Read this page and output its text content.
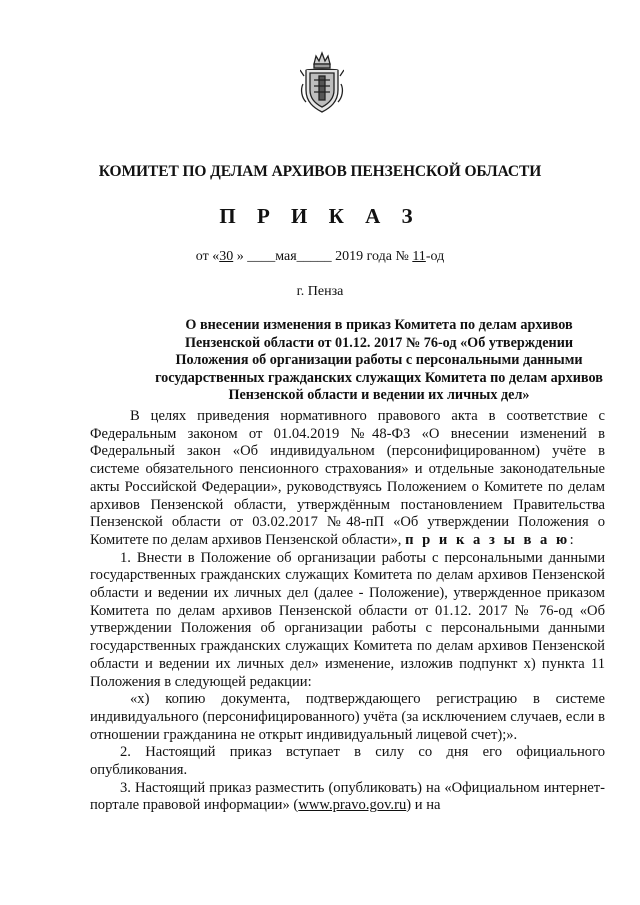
КОМИТЕТ ПО ДЕЛАМ АРХИВОВ ПЕНЗЕНСКОЙ ОБЛАСТИ
П Р И К А З
от «30 » ____мая_____ 2019 года № 11-од
г. Пенза
О внесении изменения в приказ Комитета по делам архивов Пензенской области от 01.12. 2017 № 76-од «Об утверждении Положения об организации работы с персональными данными государственных гражданских служащих Комитета по делам архивов Пензенской области и ведении их личных дел»

В целях приведения нормативного правового акта в соответствие с Федеральным законом от 01.04.2019 №48-ФЗ «О внесении изменений в Федеральный закон «Об индивидуальном (персонифицированном) учёте в системе обязательного пенсионного страхования» и отдельные законодательные акты Российской Федерации», руководствуясь Положением о Комитете по делам архивов Пензенской области, утверждённым постановлением Правительства Пензенской области от 03.02.2017 №48-пП «Об утверждении Положения о Комитете по делам архивов Пензенской области», п р и к а з ы в а ю:

1. Внести в Положение об организации работы с персональными данными государственных гражданских служащих Комитета по делам архивов Пензенской области и ведении их личных дел (далее - Положение), утвержденное приказом Комитета по делам архивов Пензенской области от 01.12. 2017 № 76-од «Об утверждении Положения об организации работы с персональными данными государственных гражданских служащих Комитета по делам архивов Пензенской области и ведении их личных дел» изменение, изложив подпункт х) пункта 11 Положения в следующей редакции:

«х) копию документа, подтверждающего регистрацию в системе индивидуального (персонифицированного) учёта (за исключением случаев, если в отношении гражданина не открыт индивидуальный лицевой счет);».

2. Настоящий приказ вступает в силу со дня его официального опубликования.

3. Настоящий приказ разместить (опубликовать) на «Официальном интернет-портале правовой информации» (www.pravo.gov.ru) и на
